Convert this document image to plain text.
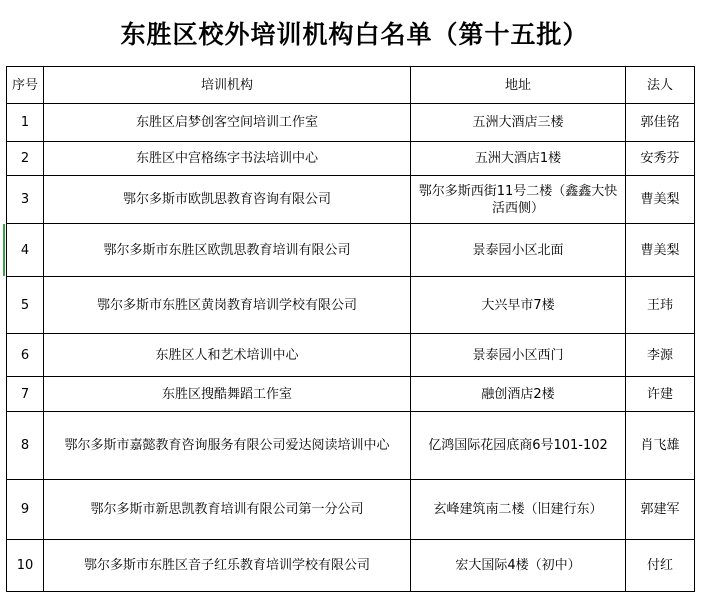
东胜区校外培训机构白名单（第十五批）
序号	培训机构	地址	法人
1	东胜区启梦创客空间培训工作室	五洲大酒店三楼	郭佳铭
2	东胜区中宫格练字书法培训中心	五洲大酒店1楼	安秀芬
3	鄂尔多斯市欧凯思教育咨询有限公司	鄂尔多斯西街11号二楼（鑫鑫大快活西侧）	曹美梨
4	鄂尔多斯市东胜区欧凯思教育培训有限公司	景泰园小区北面	曹美梨
5	鄂尔多斯市东胜区黄岗教育培训学校有限公司	大兴早市7楼	王玮
6	东胜区人和艺术培训中心	景泰园小区西门	李源
7	东胜区搜酷舞蹈工作室	融创酒店2楼	许建
8	鄂尔多斯市嘉懿教育咨询服务有限公司爱达阅读培训中心	亿鸿国际花园底商6号101-102	肖飞雄
9	鄂尔多斯市新思凯教育培训有限公司第一分公司	玄峰建筑南二楼（旧建行东）	郭建军
10	鄂尔多斯市东胜区音子红乐教育培训学校有限公司	宏大国际4楼（初中）	付红
